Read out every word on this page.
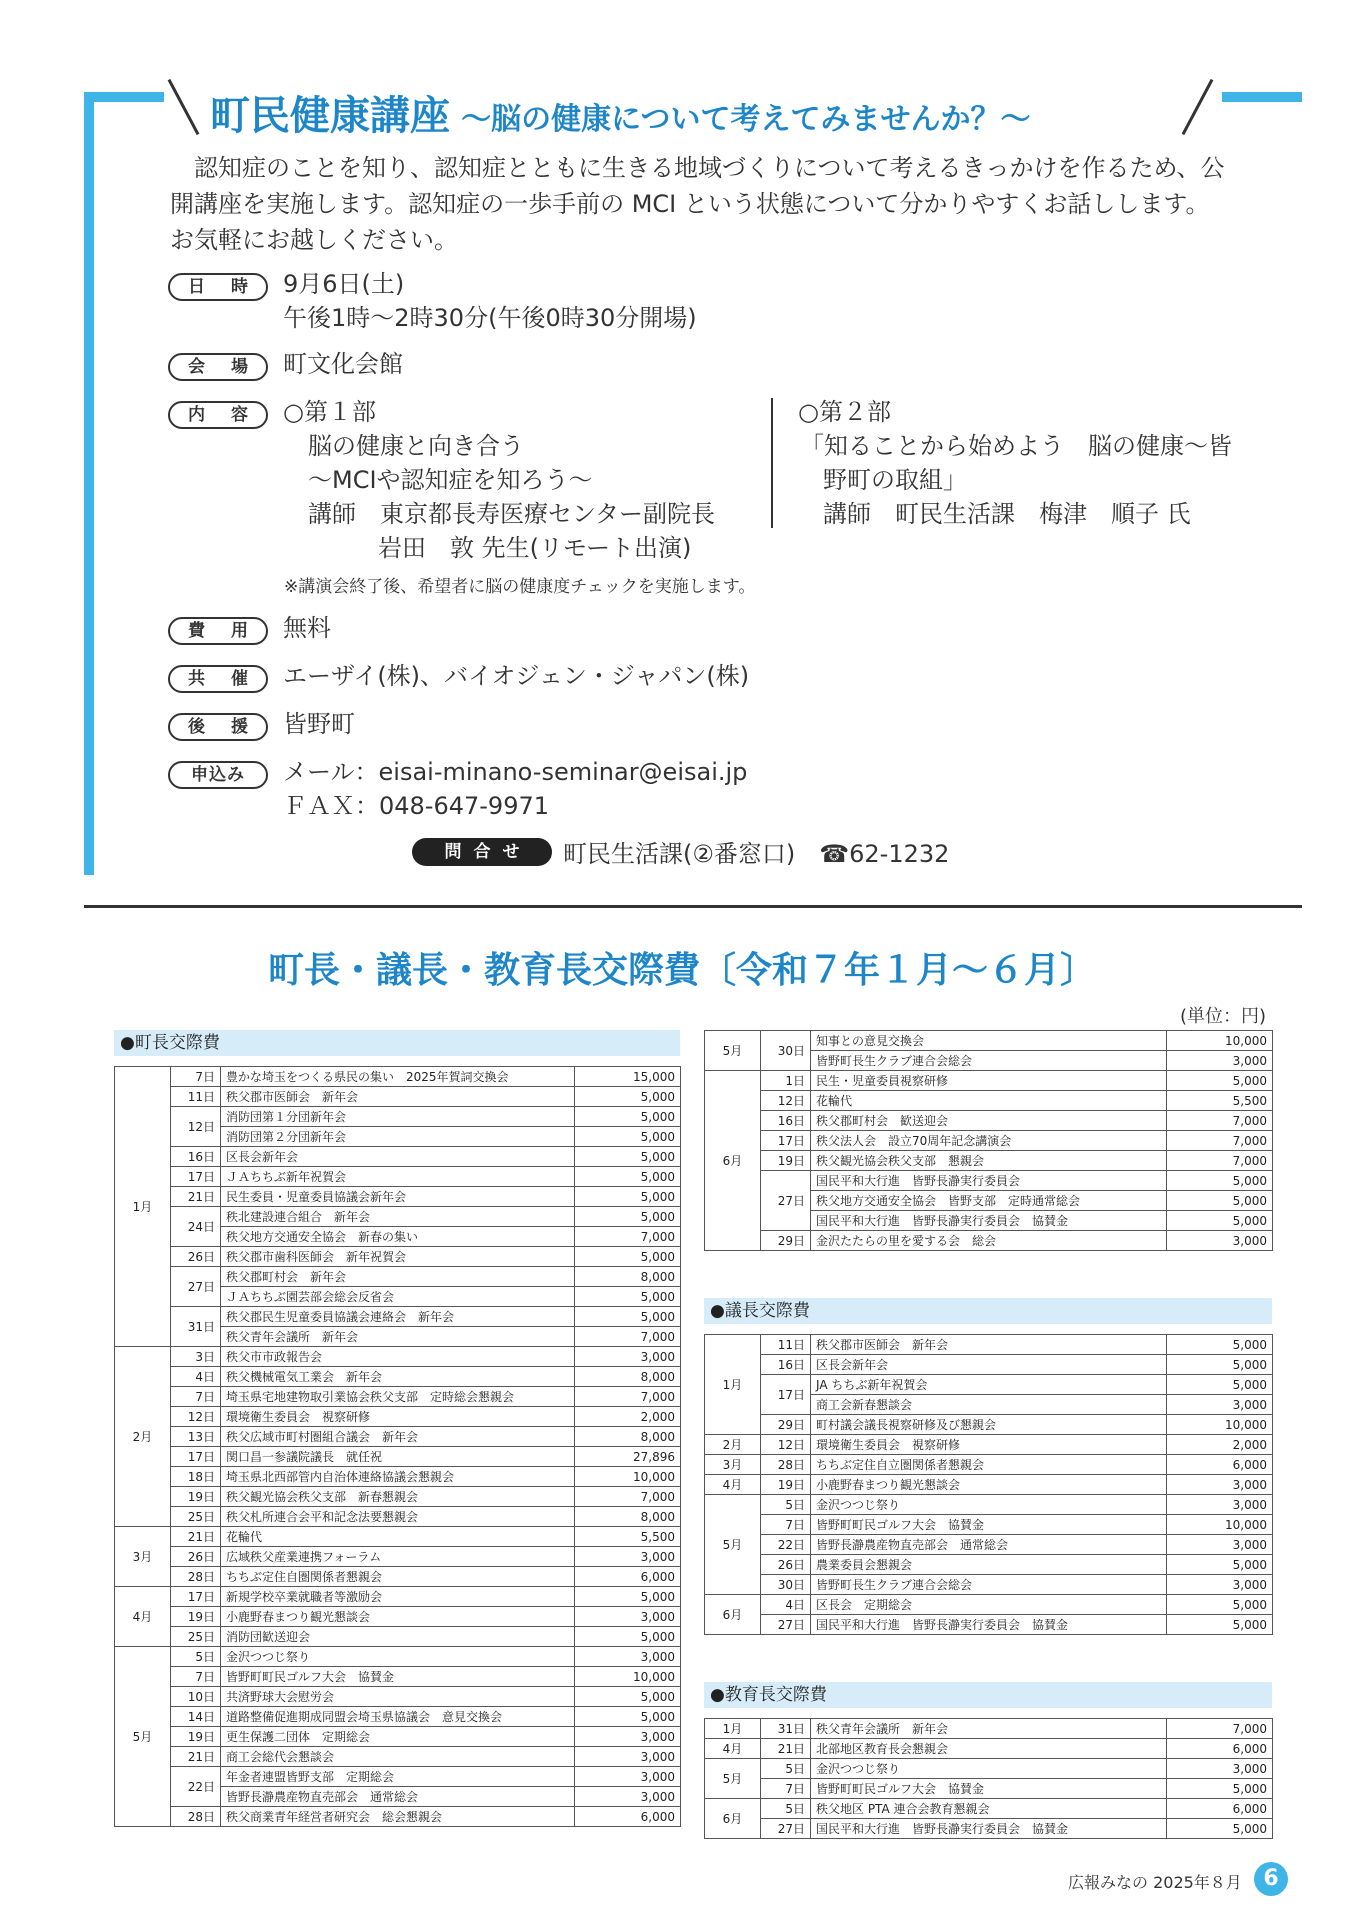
町民健康講座 ～脳の健康について考えてみませんか？～

認知症のことを知り、認知症とともに生きる地域づくりについて考えるきっかけを作るため、公開講座を実施します。認知症の一歩手前の MCI という状態について分かりやすくお話しします。お気軽にお越しください。

日 時	9月6日(土)
午後1時～2時30分(午後0時30分開場)
会 場	町文化会館
内 容	○第１部
脳の健康と向き合う
～MCIや認知症を知ろう～
講師　東京都長寿医療センター副院長
岩田　敦 先生(リモート出演)
○第２部
「知ることから始めよう　脳の健康～皆
野町の取組」
講師　町民生活課　梅津　順子 氏
※講演会終了後、希望者に脳の健康度チェックを実施します。
費 用	無料
共 催	エーザイ(株)、バイオジェン・ジャパン(株)
後 援	皆野町
申込み	メール：eisai-minano-seminar@eisai.jp
ＦＡＸ：048-647-9971
問合せ	町民生活課(②番窓口)　☎62-1232
町長・議長・教育長交際費〔令和７年１月～６月〕
(単位：円)
●町長交際費
1月	7日	豊かな埼玉をつくる県民の集い　2025年賀詞交換会	15,000
	11日	秩父郡市医師会　新年会	5,000
	12日	消防団第１分団新年会	5,000
		消防団第２分団新年会	5,000
	16日	区長会新年会	5,000
	17日	ＪＡちちぶ新年祝賀会	5,000
	21日	民生委員・児童委員協議会新年会	5,000
	24日	秩北建設連合組合　新年会	5,000
		秩父地方交通安全協会　新春の集い	7,000
	26日	秩父郡市歯科医師会　新年祝賀会	5,000
	27日	秩父郡町村会　新年会	8,000
		ＪＡちちぶ園芸部会総会反省会	5,000
	31日	秩父郡民生児童委員協議会連絡会　新年会	5,000
		秩父青年会議所　新年会	7,000
2月	3日	秩父市市政報告会	3,000
	4日	秩父機械電気工業会　新年会	8,000
	7日	埼玉県宅地建物取引業協会秩父支部　定時総会懇親会	7,000
	12日	環境衛生委員会　視察研修	2,000
	13日	秩父広域市町村圏組合議会　新年会	8,000
	17日	関口昌一参議院議長　就任祝	27,896
	18日	埼玉県北西部管内自治体連絡協議会懇親会	10,000
	19日	秩父観光協会秩父支部　新春懇親会	7,000
	25日	秩父札所連合会平和記念法要懇親会	8,000
3月	21日	花輪代	5,500
	26日	広域秩父産業連携フォーラム	3,000
	28日	ちちぶ定住自圏関係者懇親会	6,000
4月	17日	新規学校卒業就職者等激励会	5,000
	19日	小鹿野春まつり観光懇談会	3,000
	25日	消防団歓送迎会	5,000
5月	5日	金沢つつじ祭り	3,000
	7日	皆野町町民ゴルフ大会　協賛金	10,000
	10日	共済野球大会慰労会	5,000
	14日	道路整備促進期成同盟会埼玉県協議会　意見交換会	5,000
	19日	更生保護二団体　定期総会	3,000
	21日	商工会総代会懇談会	3,000
	22日	年金者連盟皆野支部　定期総会	3,000
		皆野長瀞農産物直売部会　通常総会	3,000
	28日	秩父商業青年経営者研究会　総会懇親会	6,000
5月	30日	知事との意見交換会	10,000
		皆野町長生クラブ連合会総会	3,000
6月	1日	民生・児童委員視察研修	5,000
	12日	花輪代	5,500
	16日	秩父郡町村会　歓送迎会	7,000
	17日	秩父法人会　設立70周年記念講演会	7,000
	19日	秩父観光協会秩父支部　懇親会	7,000
	27日	国民平和大行進　皆野長瀞実行委員会	5,000
		秩父地方交通安全協会　皆野支部　定時通常総会	5,000
		国民平和大行進　皆野長瀞実行委員会　協賛金	5,000
	29日	金沢たたらの里を愛する会　総会	3,000
●議長交際費
1月	11日	秩父郡市医師会　新年会	5,000
	16日	区長会新年会	5,000
	17日	JA ちちぶ新年祝賀会	5,000
		商工会新春懇談会	3,000
	29日	町村議会議長視察研修及び懇親会	10,000
2月	12日	環境衛生委員会　視察研修	2,000
3月	28日	ちちぶ定住自立圏関係者懇親会	6,000
4月	19日	小鹿野春まつり観光懇談会	3,000
5月	5日	金沢つつじ祭り	3,000
	7日	皆野町町民ゴルフ大会　協賛金	10,000
	22日	皆野長瀞農産物直売部会　通常総会	3,000
	26日	農業委員会懇親会	5,000
	30日	皆野町長生クラブ連合会総会	3,000
6月	4日	区長会　定期総会	5,000
	27日	国民平和大行進　皆野長瀞実行委員会　協賛金	5,000
●教育長交際費
1月	31日	秩父青年会議所　新年会	7,000
4月	21日	北部地区教育長会懇親会	6,000
5月	5日	金沢つつじ祭り	3,000
	7日	皆野町町民ゴルフ大会　協賛金	5,000
6月	5日	秩父地区 PTA 連合会教育懇親会	6,000
	27日	国民平和大行進　皆野長瀞実行委員会　協賛金	5,000
広報みなの 2025年８月 6
